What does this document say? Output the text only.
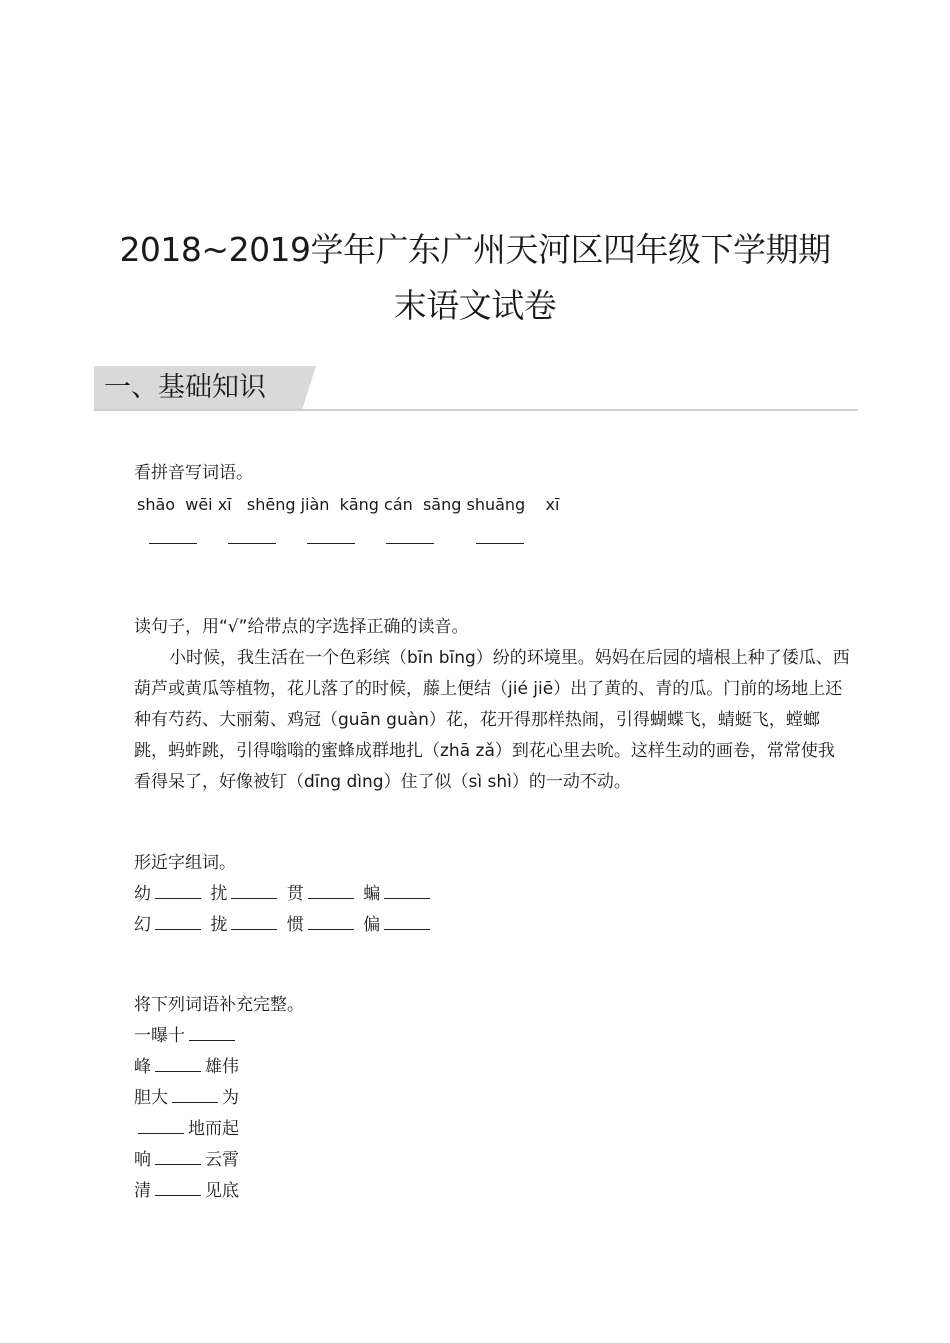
2018~2019学年广东广州天河区四年级下学期期
末语文试卷
一、基础知识

看拼音写词语。

shāo  wēi xī   shēng jiàn  kāng cán  sāng shuāng    xī

读句子，用“√”给带点的字选择正确的读音。

小时候，我生活在一个色彩缤（bīn bīng）纷的环境里。妈妈在后园的墙根上种了倭瓜、西葫芦或黄瓜等植物，花儿落了的时候，藤上便结（jié jiē）出了黄的、青的瓜。门前的场地上还种有芍药、大丽菊、鸡冠（guān guàn）花，花开得那样热闹，引得蝴蝶飞，蜻蜓飞，螳螂跳，蚂蚱跳，引得嗡嗡的蜜蜂成群地扎（zhā zǎ）到花心里去吮。这样生动的画卷，常常使我看得呆了，好像被钉（dīng dìng）住了似（sì shì）的一动不动。

形近字组词。

幼	扰	贯	蝙
幻	拢	惯	偏

将下列词语补充完整。

一曝十
峰	雄伟
胆大	为
地而起
响	云霄
清	见底
